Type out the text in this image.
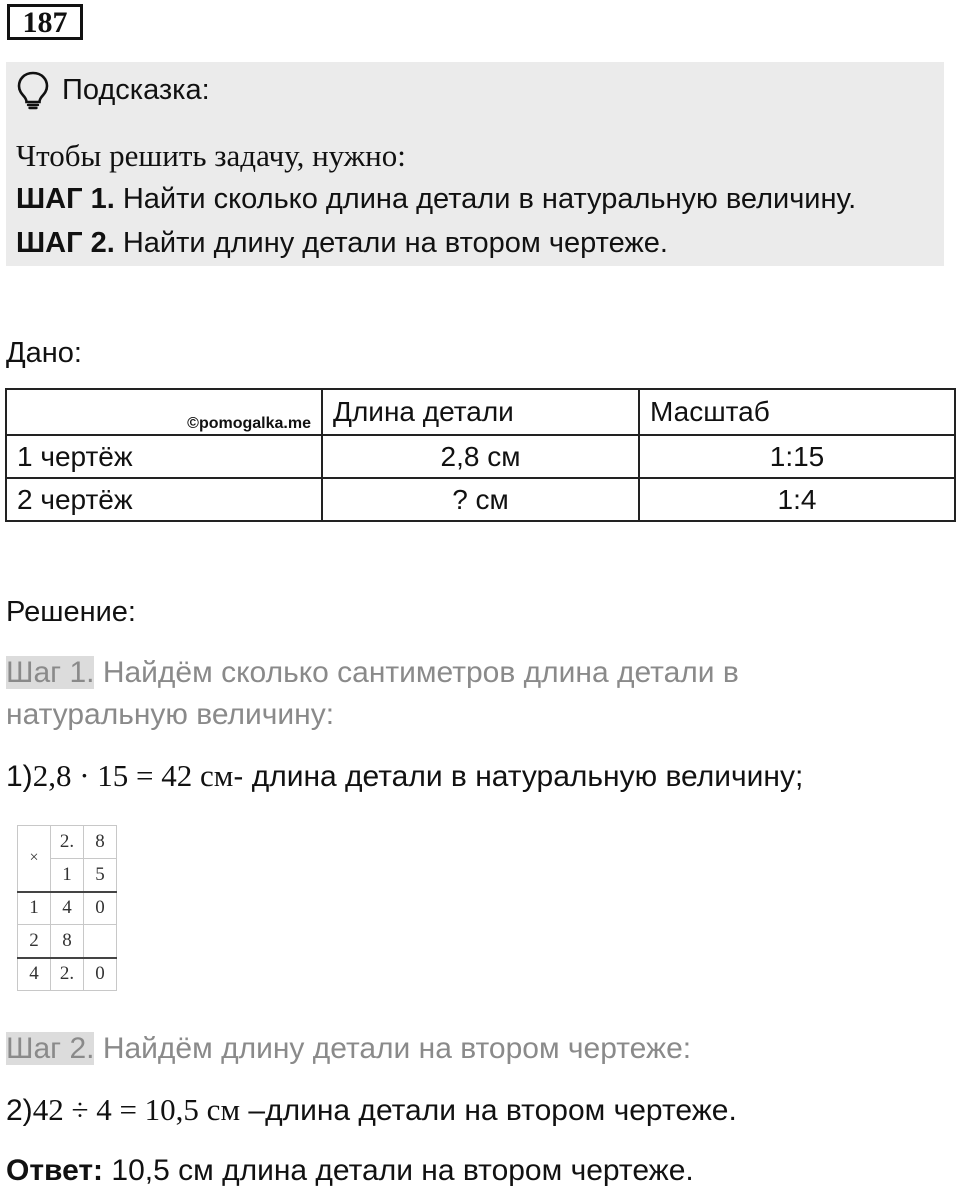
187
Подсказка:
Чтобы решить задачу, нужно:
ШАГ 1. Найти сколько длина детали в натуральную величину.
ШАГ 2. Найти длину детали на втором чертеже.
Дано:
©pomogalka.me	Длина детали	Масштаб
1 чертёж	2,8 см	1:15
2 чертёж	? см	1:4
Решение:
Шаг 1. Найдём сколько сантиметров длина детали в натуральную величину:
1)2,8 · 15 = 42 см- длина детали в натуральную величину;
×	2.	8
	1	5
1	4	0
2	8	
4	2.	0
Шаг 2. Найдём длину детали на втором чертеже:
2)42 ÷ 4 = 10,5 см –длина детали на втором чертеже.
Ответ: 10,5 см длина детали на втором чертеже.
